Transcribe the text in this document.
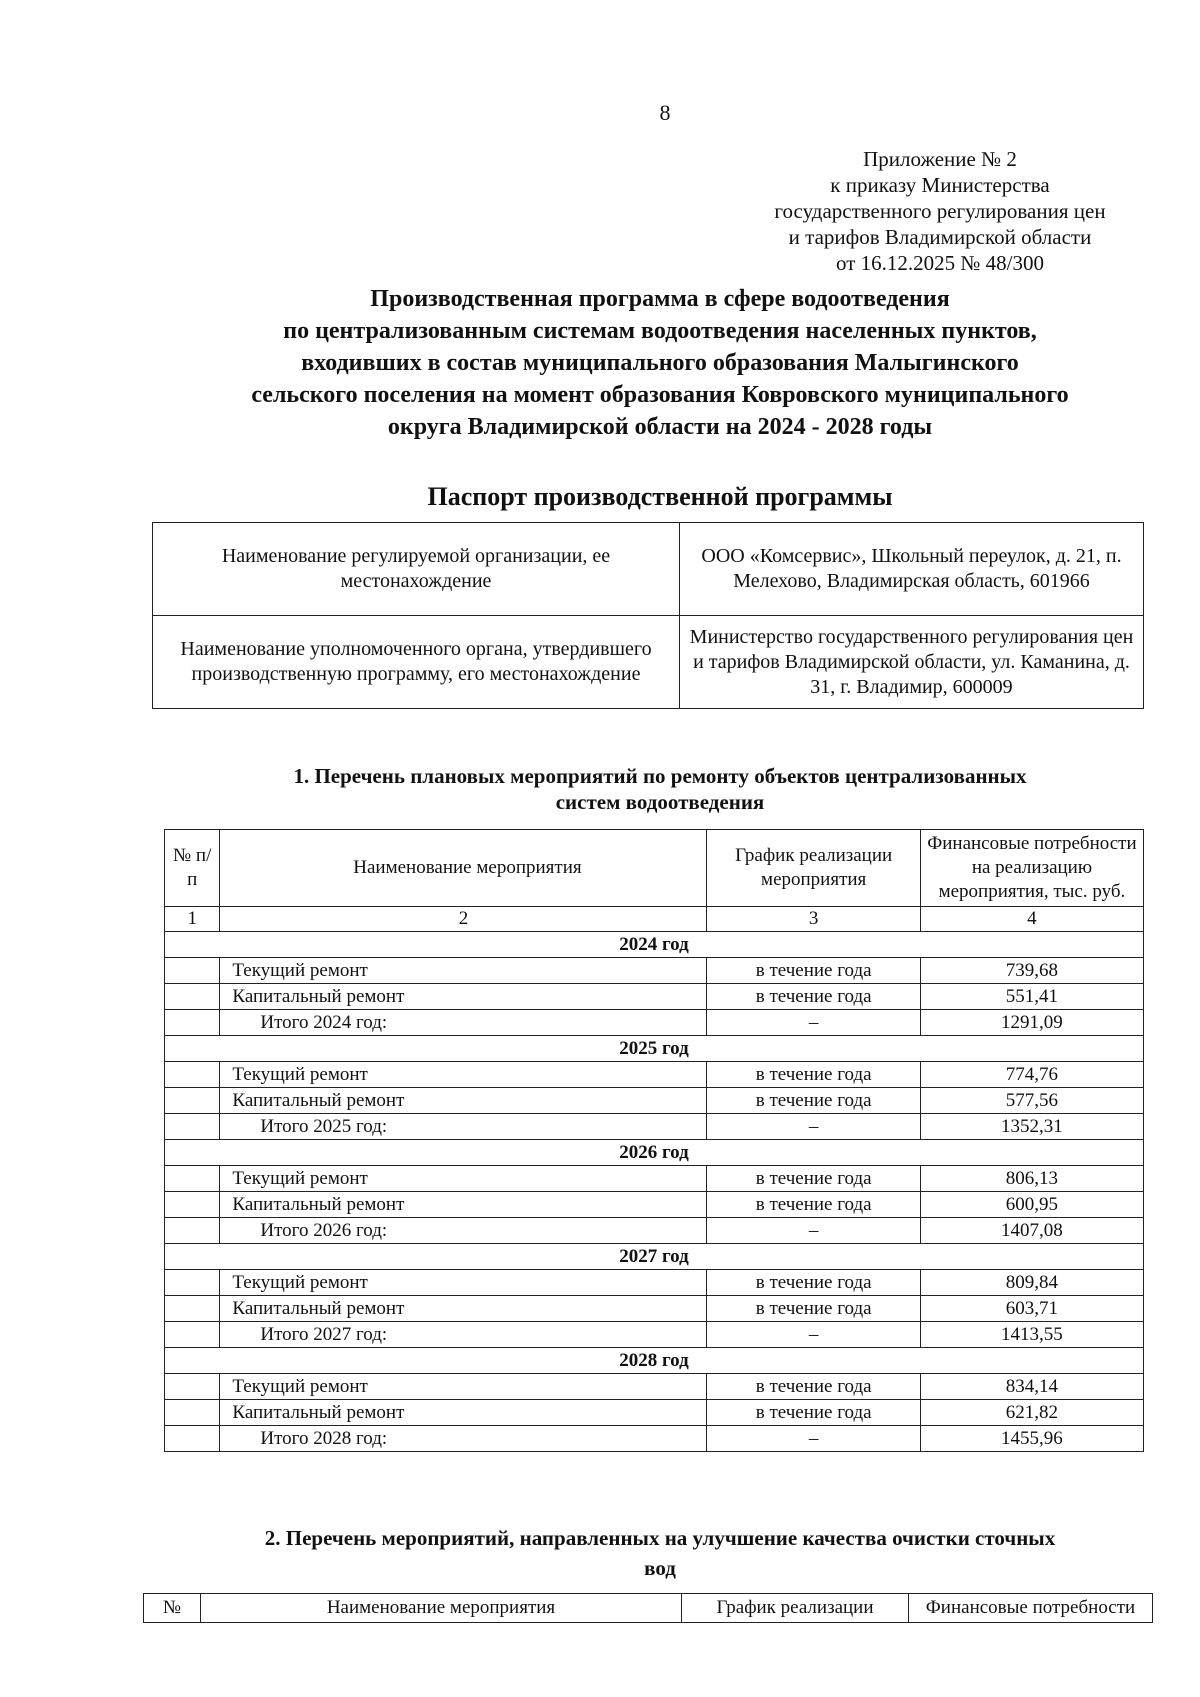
8
Приложение № 2
к приказу Министерства
государственного регулирования цен
и тарифов Владимирской области
от 16.12.2025 № 48/300
Производственная программа в сфере водоотведения
по централизованным системам водоотведения населенных пунктов,
входивших в состав муниципального образования Малыгинского
сельского поселения на момент образования Ковровского муниципального
округа Владимирской области на 2024 - 2028 годы
Паспорт производственной программы
Наименование регулируемой организации, ее местонахождение	ООО «Комсервис», Школьный переулок, д. 21, п. Мелехово, Владимирская область, 601966
Наименование уполномоченного органа, утвердившего производственную программу, его местонахождение	Министерство государственного регулирования цен и тарифов Владимирской области, ул. Каманина, д. 31, г. Владимир, 600009
1. Перечень плановых мероприятий по ремонту объектов централизованных
систем водоотведения
№ п/п	Наименование мероприятия	График реализации мероприятия	Финансовые потребности на реализацию мероприятия, тыс. руб.
1	2	3	4
2024 год			
	Текущий ремонт	в течение года	739,68
	Капитальный ремонт	в течение года	551,41
	Итого 2024 год:	–	1291,09
2025 год			
	Текущий ремонт	в течение года	774,76
	Капитальный ремонт	в течение года	577,56
	Итого 2025 год:	–	1352,31
2026 год			
	Текущий ремонт	в течение года	806,13
	Капитальный ремонт	в течение года	600,95
	Итого 2026 год:	–	1407,08
2027 год			
	Текущий ремонт	в течение года	809,84
	Капитальный ремонт	в течение года	603,71
	Итого 2027 год:	–	1413,55
2028 год			
	Текущий ремонт	в течение года	834,14
	Капитальный ремонт	в течение года	621,82
	Итого 2028 год:	–	1455,96
2. Перечень мероприятий, направленных на улучшение качества очистки сточных
вод
№	Наименование мероприятия	График реализации	Финансовые потребности
